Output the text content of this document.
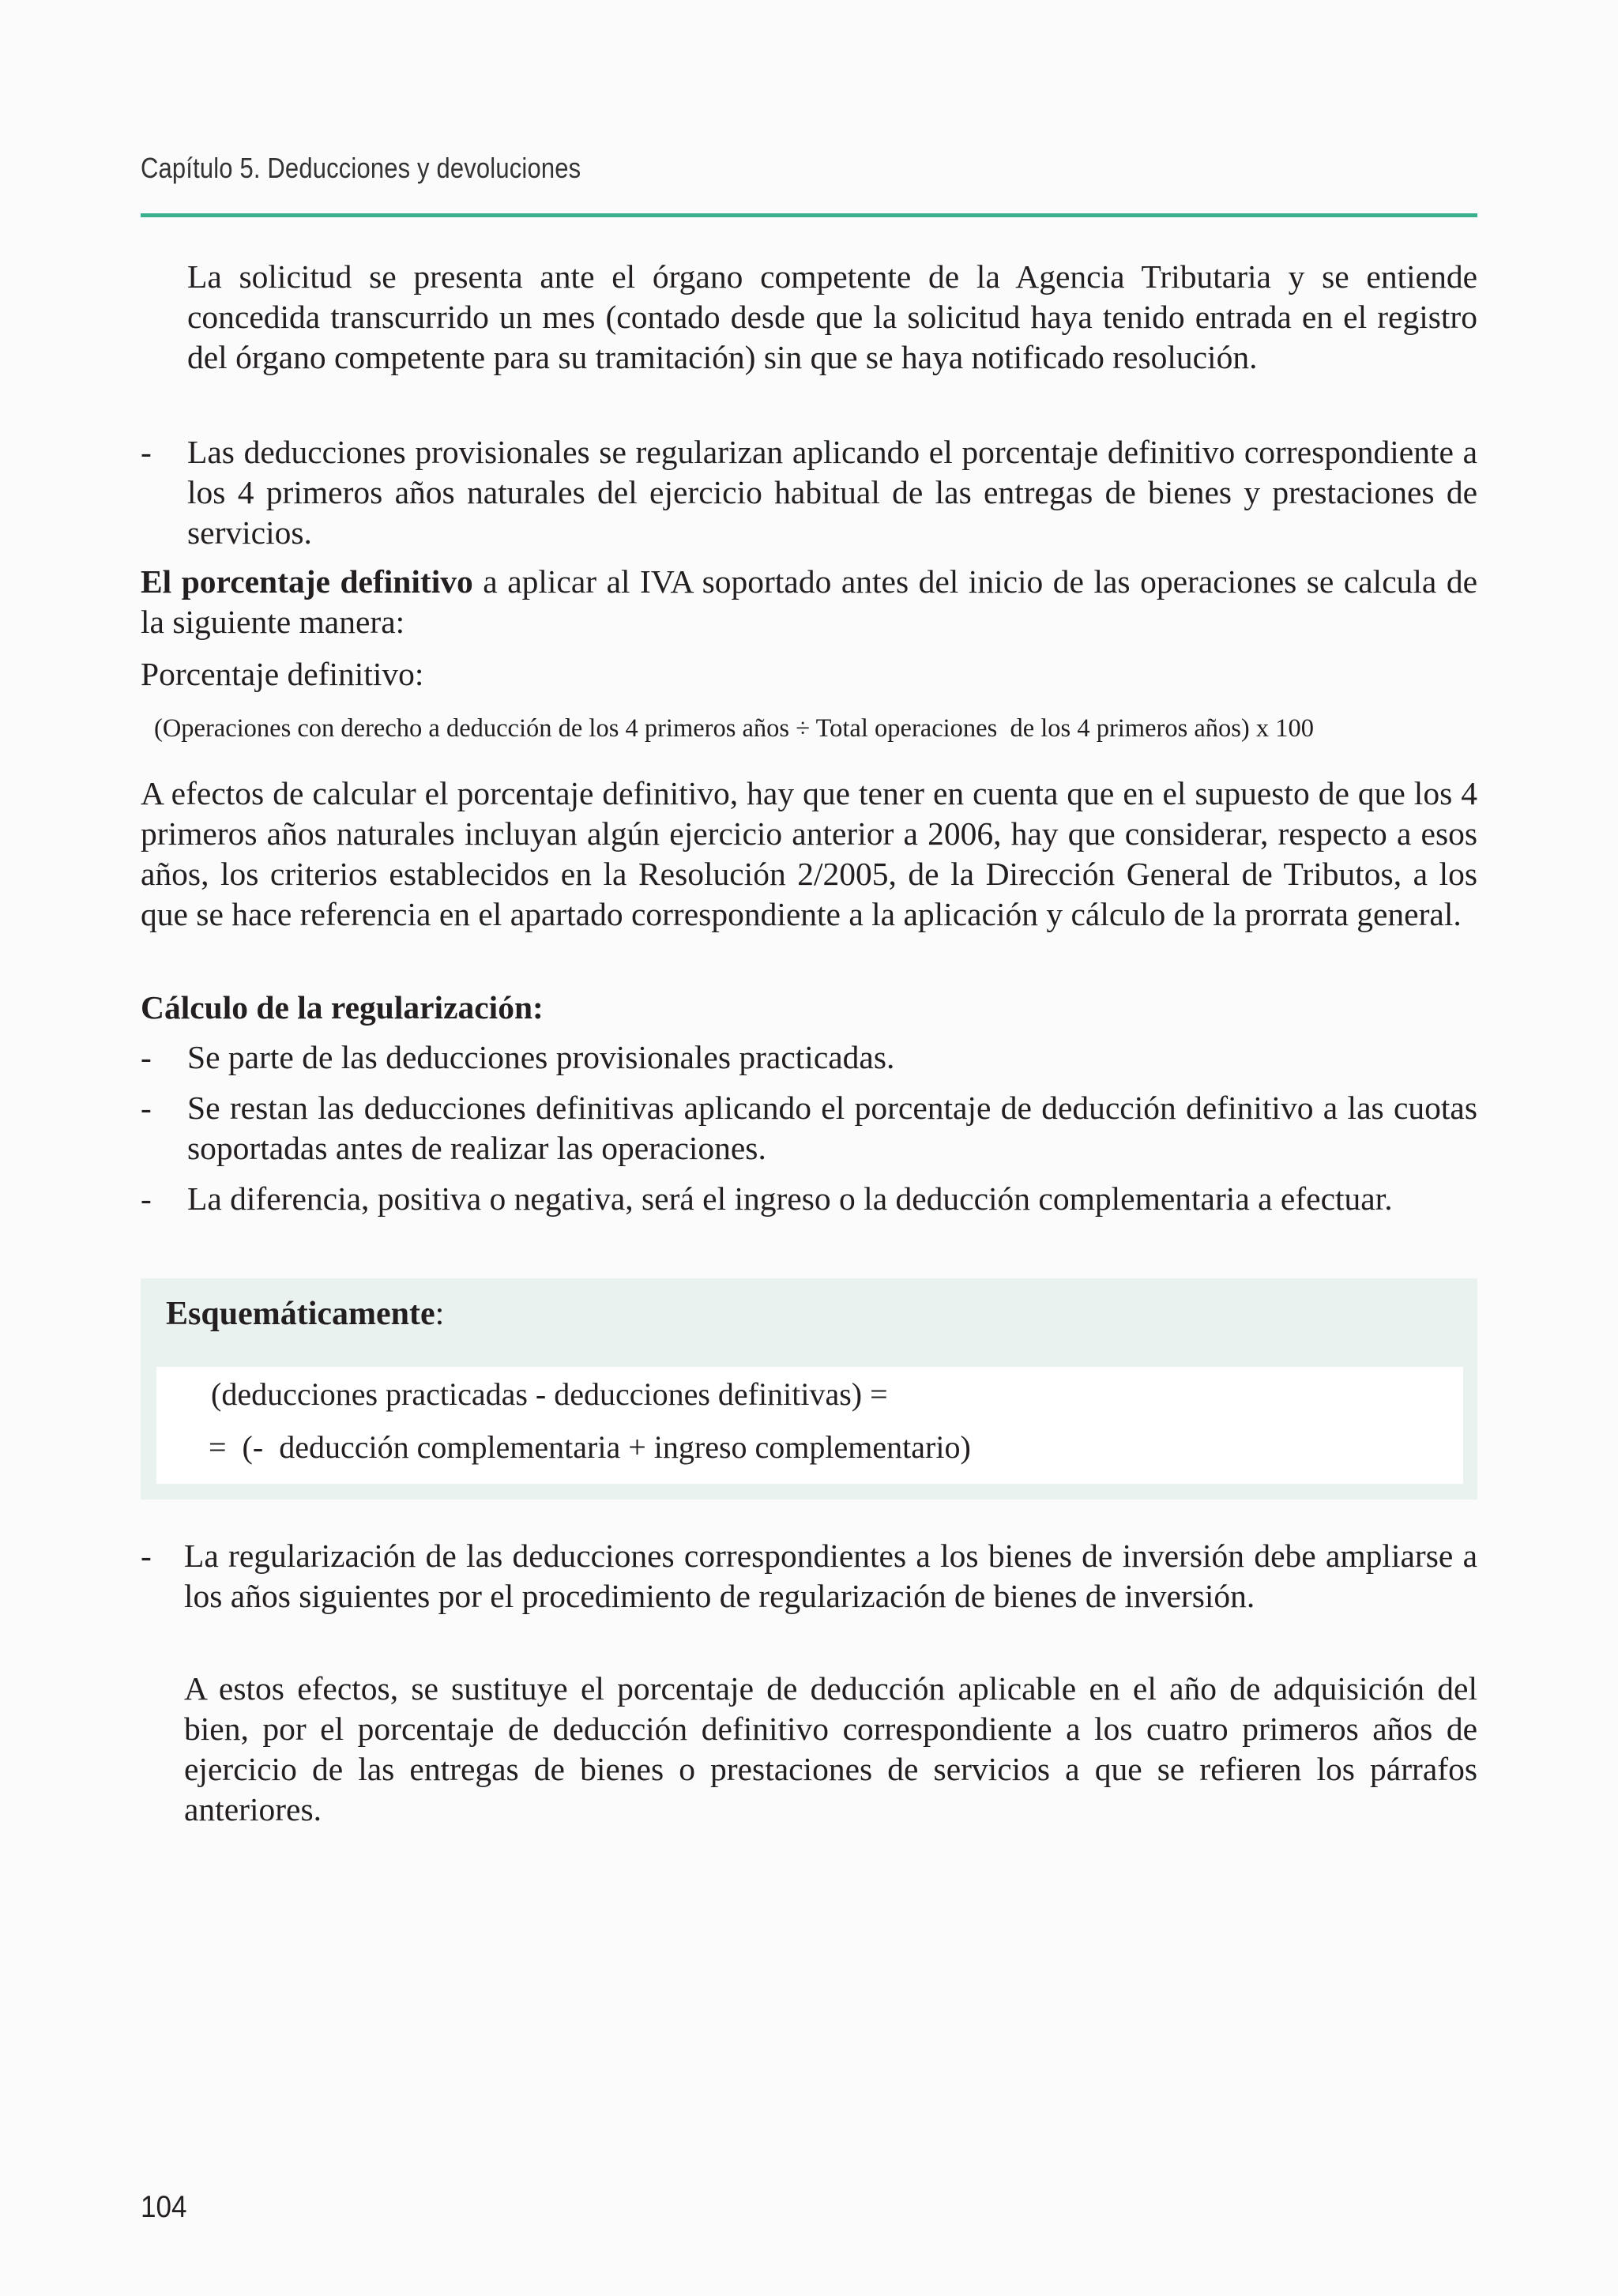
Capítulo 5. Deducciones y devoluciones
La solicitud se presenta ante el órgano competente de la Agencia Tributaria y se entiende concedida transcurrido un mes (contado desde que la solicitud haya tenido entrada en el registro del órgano competente para su tramitación) sin que se haya notificado resolución.
- Las deducciones provisionales se regularizan aplicando el porcentaje definitivo correspondiente a los 4 primeros años naturales del ejercicio habitual de las entregas de bienes y prestaciones de servicios.
El porcentaje definitivo a aplicar al IVA soportado antes del inicio de las operaciones se calcula de la siguiente manera:
Porcentaje definitivo:
(Operaciones con derecho a deducción de los 4 primeros años ÷ Total operaciones  de los 4 primeros años) x 100
A efectos de calcular el porcentaje definitivo, hay que tener en cuenta que en el supuesto de que los 4 primeros años naturales incluyan algún ejercicio anterior a 2006, hay que considerar, respecto a esos años, los criterios establecidos en la Resolución 2/2005, de la Dirección General de Tributos, a los que se hace referencia en el apartado correspondiente a la aplicación y cálculo de la prorrata general.
Cálculo de la regularización:
- Se parte de las deducciones provisionales practicadas.
- Se restan las deducciones definitivas aplicando el porcentaje de deducción definitivo a las cuotas soportadas antes de realizar las operaciones.
- La diferencia, positiva o negativa, será el ingreso o la deducción complementaria a efectuar.
Esquemáticamente:
(deducciones practicadas - deducciones definitivas) =
=  (-  deducción complementaria + ingreso complementario)
- La regularización de las deducciones correspondientes a los bienes de inversión debe ampliarse a los años siguientes por el procedimiento de regularización de bienes de inversión.
A estos efectos, se sustituye el porcentaje de deducción aplicable en el año de adquisición del bien, por el porcentaje de deducción definitivo correspondiente a los cuatro primeros años de ejercicio de las entregas de bienes o prestaciones de servicios a que se refieren los párrafos anteriores.
104
